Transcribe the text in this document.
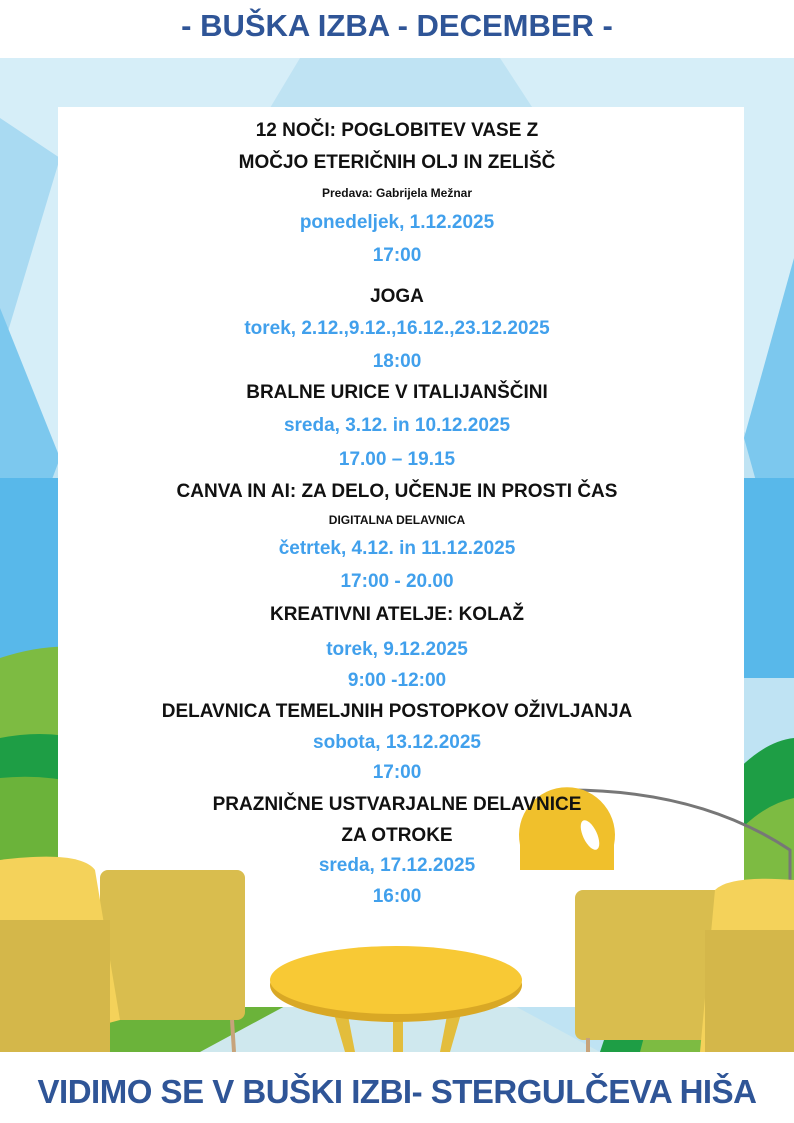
- BUŠKA IZBA - DECEMBER -
12 NOČI: POGLOBITEV VASE Z
MOČJO ETERIČNIH OLJ IN ZELIŠČ
Predava: Gabrijela Mežnar
ponedeljek, 1.12.2025
17:00
JOGA
torek, 2.12.,9.12.,16.12.,23.12.2025
18:00
BRALNE URICE V ITALIJANŠČINI
sreda, 3.12. in 10.12.2025
17.00 – 19.15
CANVA IN AI: ZA DELO, UČENJE IN PROSTI ČAS
DIGITALNA DELAVNICA
četrtek, 4.12. in 11.12.2025
17:00 - 20.00
KREATIVNI ATELJE: KOLAŽ
torek, 9.12.2025
9:00 -12:00
DELAVNICA TEMELJNIH POSTOPKOV OŽIVLJANJA
sobota, 13.12.2025
17:00
PRAZNIČNE USTVARJALNE DELAVNICE
ZA OTROKE
sreda, 17.12.2025
16:00
VIDIMO SE V BUŠKI IZBI- STERGULČEVA HIŠA
